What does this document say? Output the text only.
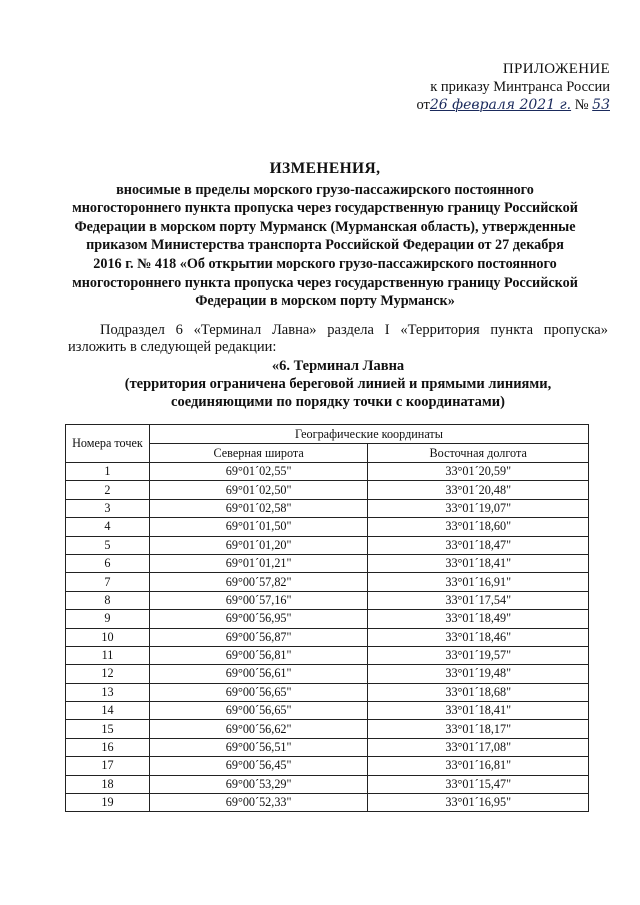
ПРИЛОЖЕНИЕ
к приказу Минтранса России
от26 февраля 2021 г. № 53
ИЗМЕНЕНИЯ,
вносимые в пределы морского грузо-пассажирского постоянного
многостороннего пункта пропуска через государственную границу Российской
Федерации в морском порту Мурманск (Мурманская область), утвержденные
приказом Министерства транспорта Российской Федерации от 27 декабря
2016 г. № 418 «Об открытии морского грузо-пассажирского постоянного
многостороннего пункта пропуска через государственную границу Российской
Федерации в морском порту Мурманск»
Подраздел 6 «Терминал Лавна» раздела I «Территория пункта пропуска»
изложить в следующей редакции:
«6. Терминал Лавна
(территория ограничена береговой линией и прямыми линиями,
соединяющими по порядку точки с координатами)
Номера точек	Географические координаты	
	Северная широта	Восточная долгота
1	69°01´02,55"	33°01´20,59"
2	69°01´02,50"	33°01´20,48"
3	69°01´02,58"	33°01´19,07"
4	69°01´01,50"	33°01´18,60"
5	69°01´01,20"	33°01´18,47"
6	69°01´01,21"	33°01´18,41"
7	69°00´57,82"	33°01´16,91"
8	69°00´57,16"	33°01´17,54"
9	69°00´56,95"	33°01´18,49"
10	69°00´56,87"	33°01´18,46"
11	69°00´56,81"	33°01´19,57"
12	69°00´56,61"	33°01´19,48"
13	69°00´56,65"	33°01´18,68"
14	69°00´56,65"	33°01´18,41"
15	69°00´56,62"	33°01´18,17"
16	69°00´56,51"	33°01´17,08"
17	69°00´56,45"	33°01´16,81"
18	69°00´53,29"	33°01´15,47"
19	69°00´52,33"	33°01´16,95"
